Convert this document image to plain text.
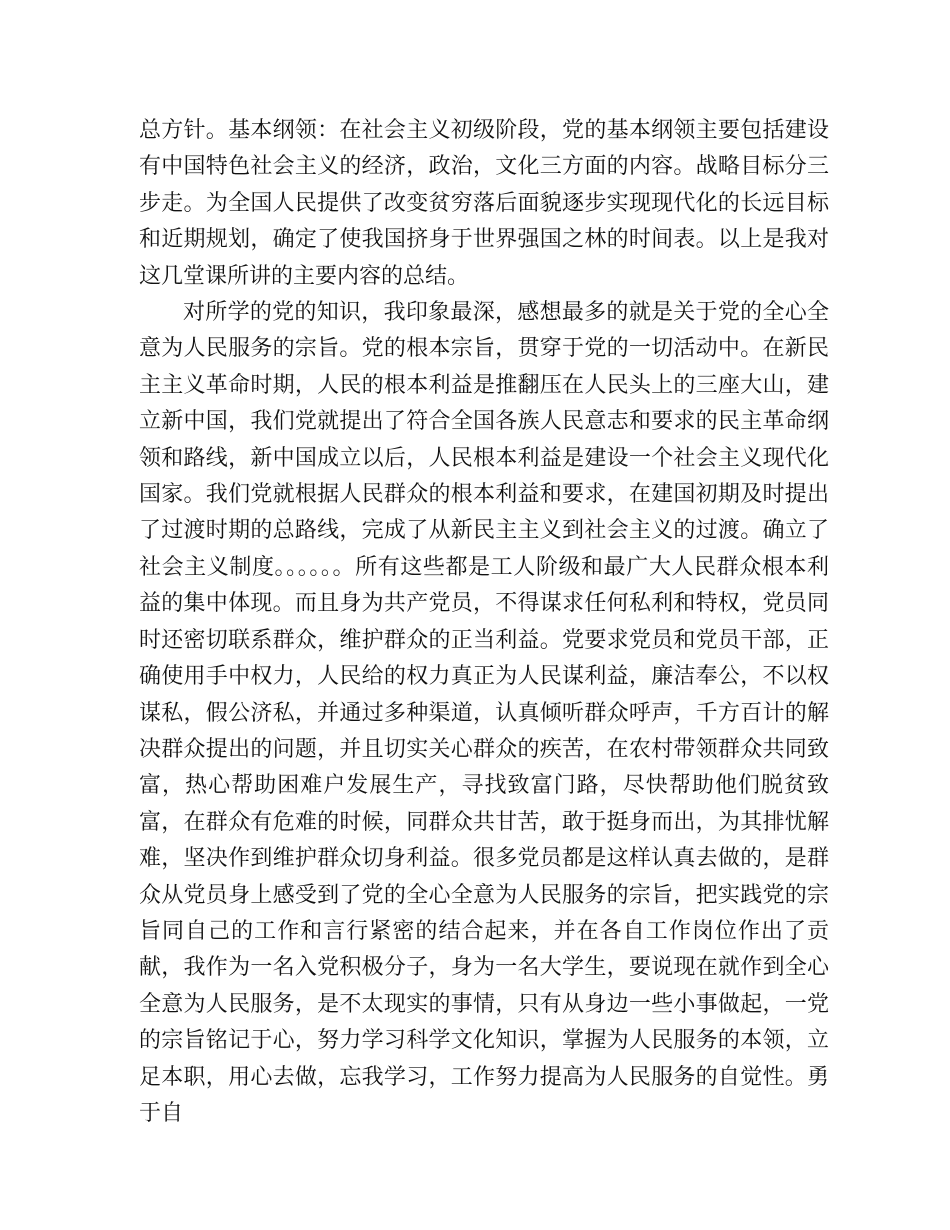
总方针。基本纲领：在社会主义初级阶段，党的基本纲领主要包括建设有中国特色社会主义的经济，政治，文化三方面的内容。战略目标分三步走。为全国人民提供了改变贫穷落后面貌逐步实现现代化的长远目标和近期规划，确定了使我国挤身于世界强国之林的时间表。以上是我对这几堂课所讲的主要内容的总结。

对所学的党的知识，我印象最深，感想最多的就是关于党的全心全意为人民服务的宗旨。党的根本宗旨，贯穿于党的一切活动中。在新民主主义革命时期，人民的根本利益是推翻压在人民头上的三座大山，建立新中国，我们党就提出了符合全国各族人民意志和要求的民主革命纲领和路线，新中国成立以后，人民根本利益是建设一个社会主义现代化国家。我们党就根据人民群众的根本利益和要求，在建国初期及时提出了过渡时期的总路线，完成了从新民主主义到社会主义的过渡。确立了社会主义制度。。。。。。所有这些都是工人阶级和最广大人民群众根本利益的集中体现。而且身为共产党员，不得谋求任何私利和特权，党员同时还密切联系群众，维护群众的正当利益。党要求党员和党员干部，正确使用手中权力，人民给的权力真正为人民谋利益，廉洁奉公，不以权谋私，假公济私，并通过多种渠道，认真倾听群众呼声，千方百计的解决群众提出的问题，并且切实关心群众的疾苦，在农村带领群众共同致富，热心帮助困难户发展生产，寻找致富门路，尽快帮助他们脱贫致富，在群众有危难的时候，同群众共甘苦，敢于挺身而出，为其排忧解难，坚决作到维护群众切身利益。很多党员都是这样认真去做的，是群众从党员身上感受到了党的全心全意为人民服务的宗旨，把实践党的宗旨同自己的工作和言行紧密的结合起来，并在各自工作岗位作出了贡献，我作为一名入党积极分子，身为一名大学生，要说现在就作到全心全意为人民服务，是不太现实的事情，只有从身边一些小事做起，一党的宗旨铭记于心，努力学习科学文化知识，掌握为人民服务的本领，立足本职，用心去做，忘我学习，工作努力提高为人民服务的自觉性。勇于自
